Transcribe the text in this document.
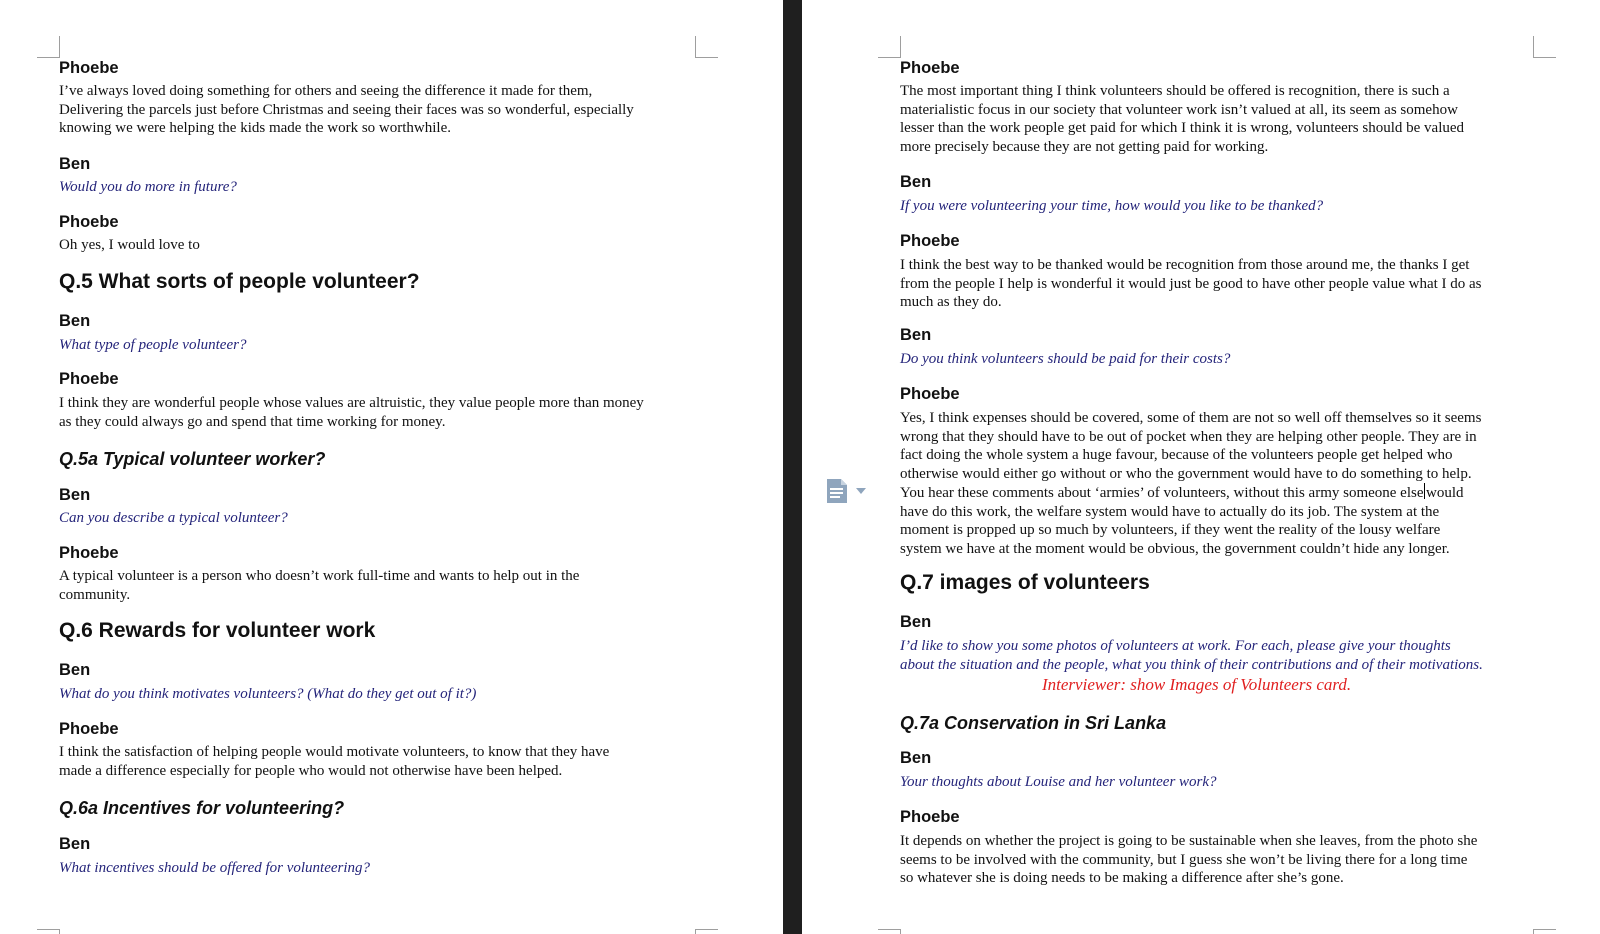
Phoebe
I’ve always loved doing something for others and seeing the difference it made for them,
Delivering the parcels just before Christmas and seeing their faces was so wonderful, especially
knowing we were helping the kids made the work so worthwhile.
Ben
Would you do more in future?
Phoebe
Oh yes, I would love to
Q.5 What sorts of people volunteer?
Ben
What type of people volunteer?
Phoebe
I think they are wonderful people whose values are altruistic, they value people more than money
as they could always go and spend that time working for money.
Q.5a Typical volunteer worker?
Ben
Can you describe a typical volunteer?
Phoebe
A typical volunteer is a person who doesn’t work full-time and wants to help out in the
community.
Q.6 Rewards for volunteer work
Ben
What do you think motivates volunteers? (What do they get out of it?)
Phoebe
I think the satisfaction of helping people would motivate volunteers, to know that they have
made a difference especially for people who would not otherwise have been helped.
Q.6a Incentives for volunteering?
Ben
What incentives should be offered for volunteering?
Phoebe
The most important thing I think volunteers should be offered is recognition, there is such a
materialistic focus in our society that volunteer work isn’t valued at all, its seem as somehow
lesser than the work people get paid for which I think it is wrong, volunteers should be valued
more precisely because they are not getting paid for working.
Ben
If you were volunteering your time, how would you like to be thanked?
Phoebe
I think the best way to be thanked would be recognition from those around me, the thanks I get
from the people I help is wonderful it would just be good to have other people value what I do as
much as they do.
Ben
Do you think volunteers should be paid for their costs?
Phoebe
Yes, I think expenses should be covered, some of them are not so well off themselves so it seems
wrong that they should have to be out of pocket when they are helping other people. They are in
fact doing the whole system a huge favour, because of the volunteers people get helped who
otherwise would either go without or who the government would have to do something to help.
You hear these comments about ‘armies’ of volunteers, without this army someone else would
have do this work, the welfare system would have to actually do its job. The system at the
moment is propped up so much by volunteers, if they went the reality of the lousy welfare
system we have at the moment would be obvious, the government couldn’t hide any longer.
Q.7 images of volunteers
Ben
I’d like to show you some photos of volunteers at work. For each, please give your thoughts
about the situation and the people, what you think of their contributions and of their motivations.
Interviewer: show Images of Volunteers card.
Q.7a Conservation in Sri Lanka
Ben
Your thoughts about Louise and her volunteer work?
Phoebe
It depends on whether the project is going to be sustainable when she leaves, from the photo she
seems to be involved with the community, but I guess she won’t be living there for a long time
so whatever she is doing needs to be making a difference after she’s gone.
